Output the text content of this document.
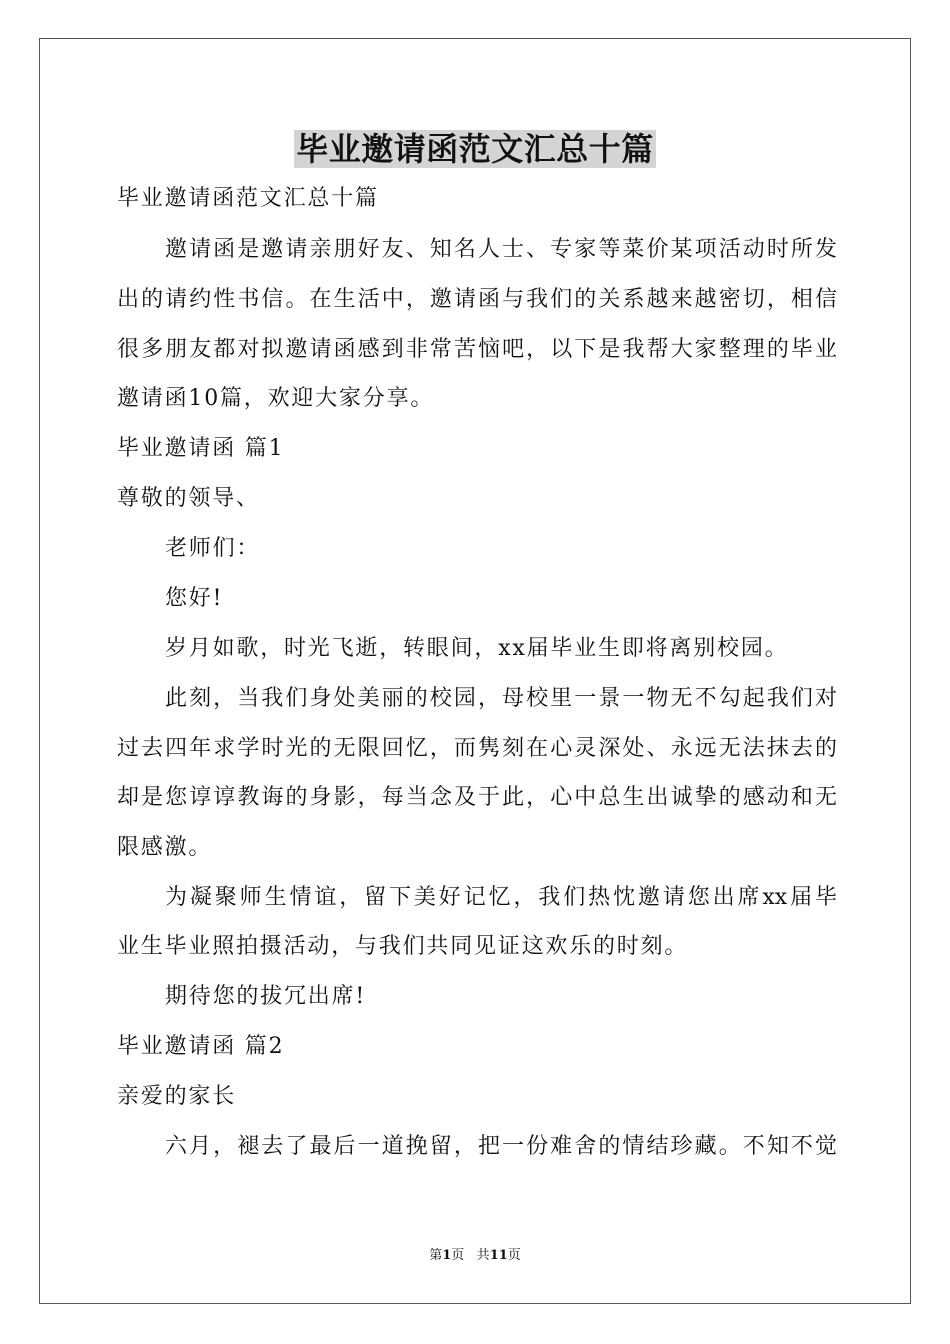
毕业邀请函范文汇总十篇
毕业邀请函范文汇总十篇
邀请函是邀请亲朋好友、知名人士、专家等菜价某项活动时所发
出的请约性书信。在生活中，邀请函与我们的关系越来越密切，相信
很多朋友都对拟邀请函感到非常苦恼吧，以下是我帮大家整理的毕业
邀请函10篇，欢迎大家分享。
毕业邀请函 篇1
尊敬的领导、
老师们：
您好!
岁月如歌，时光飞逝，转眼间，xx届毕业生即将离别校园。
此刻，当我们身处美丽的校园，母校里一景一物无不勾起我们对
过去四年求学时光的无限回忆，而隽刻在心灵深处、永远无法抹去的
却是您谆谆教诲的身影，每当念及于此，心中总生出诚挚的感动和无
限感激。
为凝聚师生情谊，留下美好记忆，我们热忱邀请您出席xx届毕
业生毕业照拍摄活动，与我们共同见证这欢乐的时刻。
期待您的拔冗出席!
毕业邀请函 篇2
亲爱的家长
六月，褪去了最后一道挽留，把一份难舍的情结珍藏。不知不觉
第1页 共11页
